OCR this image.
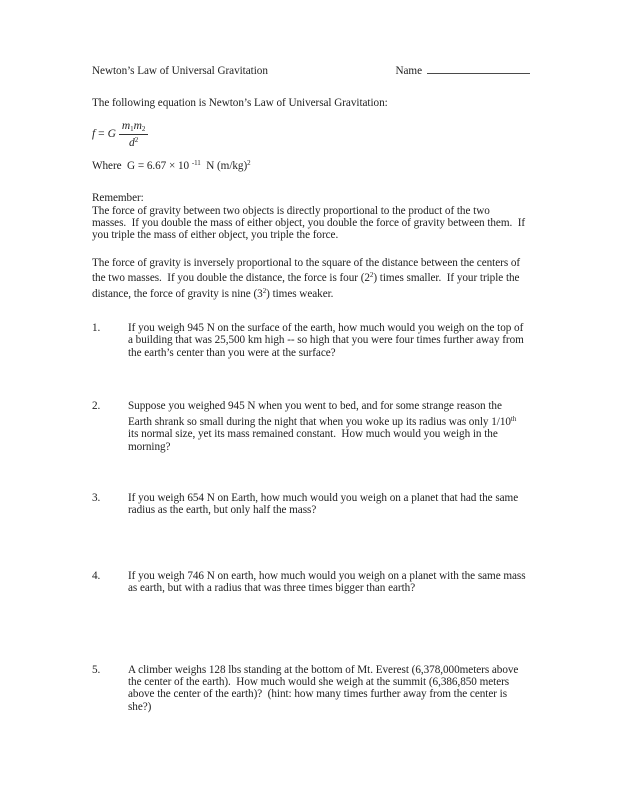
Newton’s Law of Universal Gravitation	Name
The following equation is Newton’s Law of Universal Gravitation:
f = G $\frac{m_1m_2}{d^2}$
Where  G = 6.67 × 10 $^{-11}$  N $(m/kg)^2$
Remember:
The force of gravity between two objects is directly proportional to the product of the two
masses.  If you double the mass of either object, you double the force of gravity between them.  If
you triple the mass of either object, you triple the force.
The force of gravity is inversely proportional to the square of the distance between the centers of
the two masses.  If you double the distance, the force is four $(2^2)$ times smaller.  If your triple the
distance, the force of gravity is nine $(3^2)$ times weaker.
1.	If you weigh 945 N on the surface of the earth, how much would you weigh on the top of
a building that was 25,500 km high -- so high that you were four times further away from
the earth’s center than you were at the surface?
2.	Suppose you weighed 945 N when you went to bed, and for some strange reason the
Earth shrank so small during the night that when you woke up its radius was only 1/10th
its normal size, yet its mass remained constant.  How much would you weigh in the
morning?
3.	If you weigh 654 N on Earth, how much would you weigh on a planet that had the same
radius as the earth, but only half the mass?
4.	If you weigh 746 N on earth, how much would you weigh on a planet with the same mass
as earth, but with a radius that was three times bigger than earth?
5.	A climber weighs 128 lbs standing at the bottom of Mt. Everest (6,378,000meters above
the center of the earth).  How much would she weigh at the summit (6,386,850 meters
above the center of the earth)?  (hint: how many times further away from the center is
she?)
